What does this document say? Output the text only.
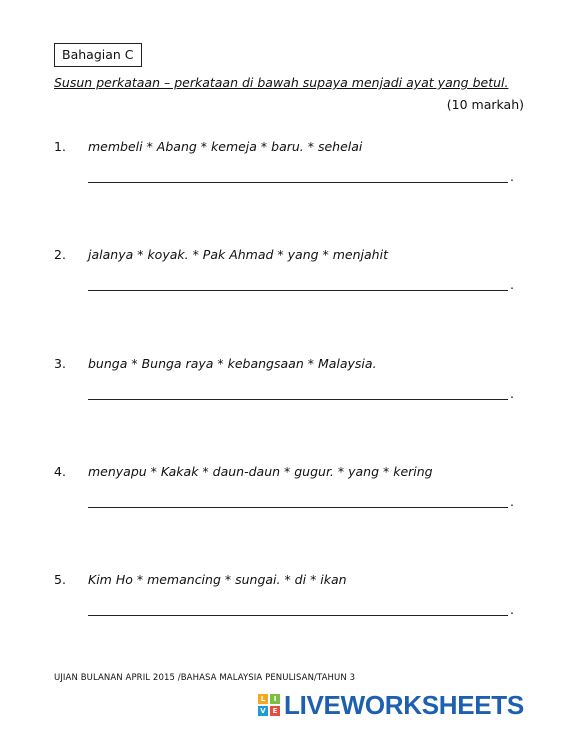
Bahagian C
Susun perkataan – perkataan di bawah supaya menjadi ayat yang betul.
(10 markah)
1. membeli * Abang * kemeja * baru. * sehelai
.
2. jalanya * koyak. * Pak Ahmad * yang * menjahit
.
3. bunga * Bunga raya * kebangsaan * Malaysia.
.
4. menyapu * Kakak * daun-daun * gugur. * yang * kering
.
5. Kim Ho * memancing * sungai. * di * ikan
.
UJIAN BULANAN APRIL 2015 /BAHASA MALAYSIA PENULISAN/TAHUN 3
L	I
V E LIVEWORKSHEETS
